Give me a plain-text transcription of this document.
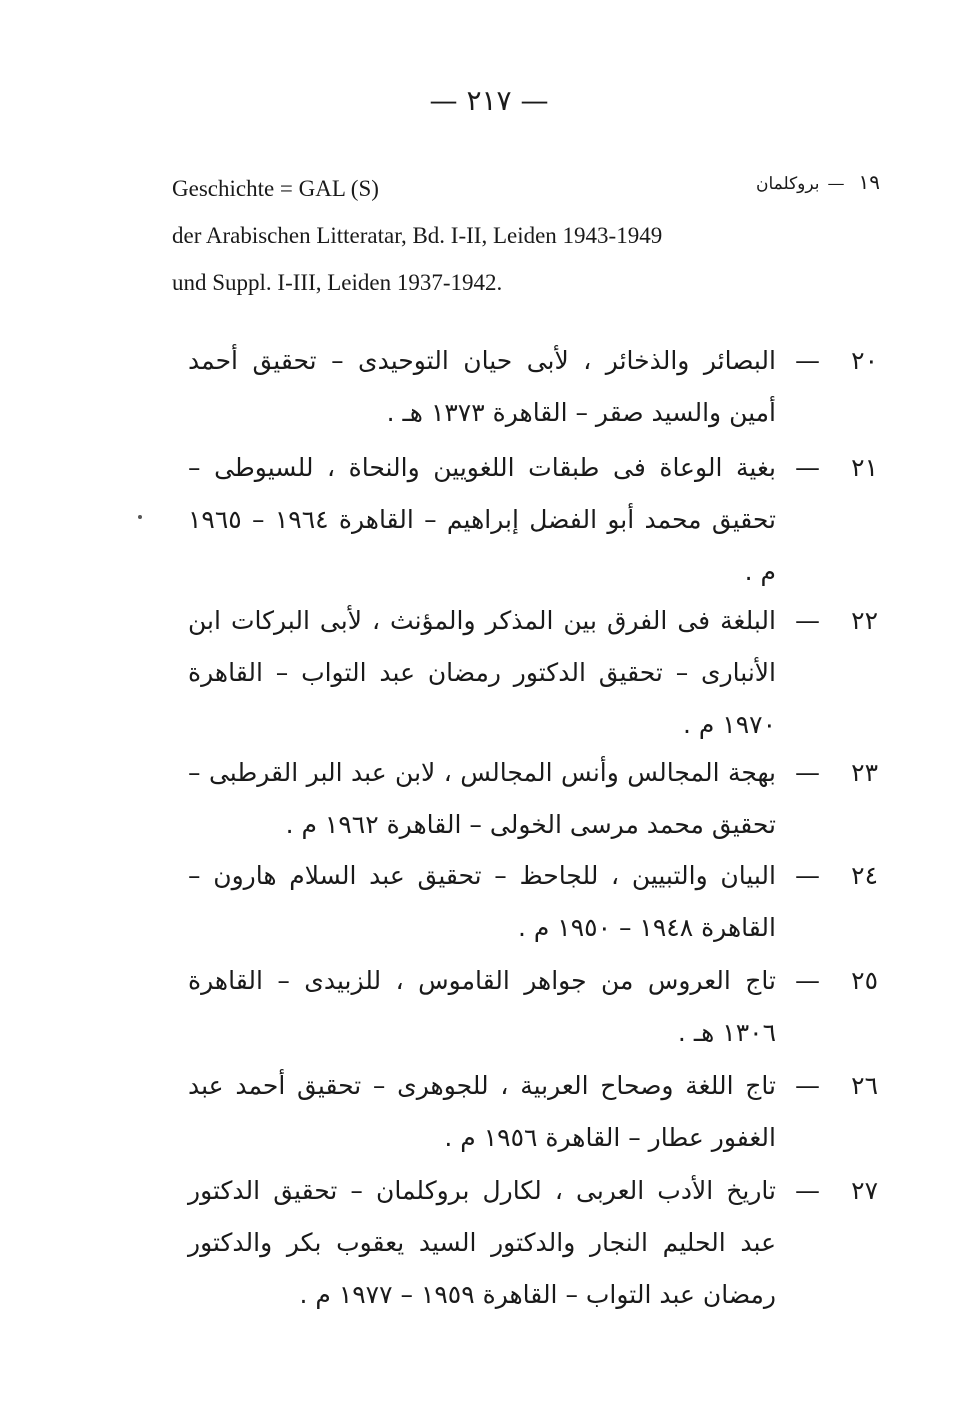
— ٢١٧ —
١٩—بروكلمان
Geschichte = GAL (S)
der Arabischen Litteratar, Bd. I-II, Leiden 1943-1949
und Suppl. I-III, Leiden 1937-1942.
٢٠
—
البصائر والذخائر ، لأبى حيان التوحيدى – تحقيق أحمد أمين والسيد صقر – القاهرة ١٣٧٣ هـ .
٢١
—
بغية الوعاة فى طبقات اللغويين والنحاة ، للسيوطى – تحقيق محمد أبو الفضل إبراهيم – القاهرة ١٩٦٤ – ١٩٦٥ م .
٢٢
—
البلغة فى الفرق بين المذكر والمؤنث ، لأبى البركات ابن الأنبارى – تحقيق الدكتور رمضان عبد التواب – القاهرة ١٩٧٠ م .
٢٣
—
بهجة المجالس وأنس المجالس ، لابن عبد البر القرطبى – تحقيق محمد مرسى الخولى – القاهرة ١٩٦٢ م .
٢٤
—
البيان والتبيين ، للجاحظ – تحقيق عبد السلام هارون – القاهرة ١٩٤٨ – ١٩٥٠ م .
٢٥
—
تاج العروس من جواهر القاموس ، للزبيدى – القاهرة ١٣٠٦ هـ .
٢٦
—
تاج اللغة وصحاح العربية ، للجوهرى – تحقيق أحمد عبد الغفور عطار – القاهرة ١٩٥٦ م .
٢٧
—
تاريخ الأدب العربى ، لكارل بروكلمان – تحقيق الدكتور عبد الحليم النجار والدكتور السيد يعقوب بكر والدكتور رمضان عبد التواب – القاهرة ١٩٥٩ – ١٩٧٧ م .
